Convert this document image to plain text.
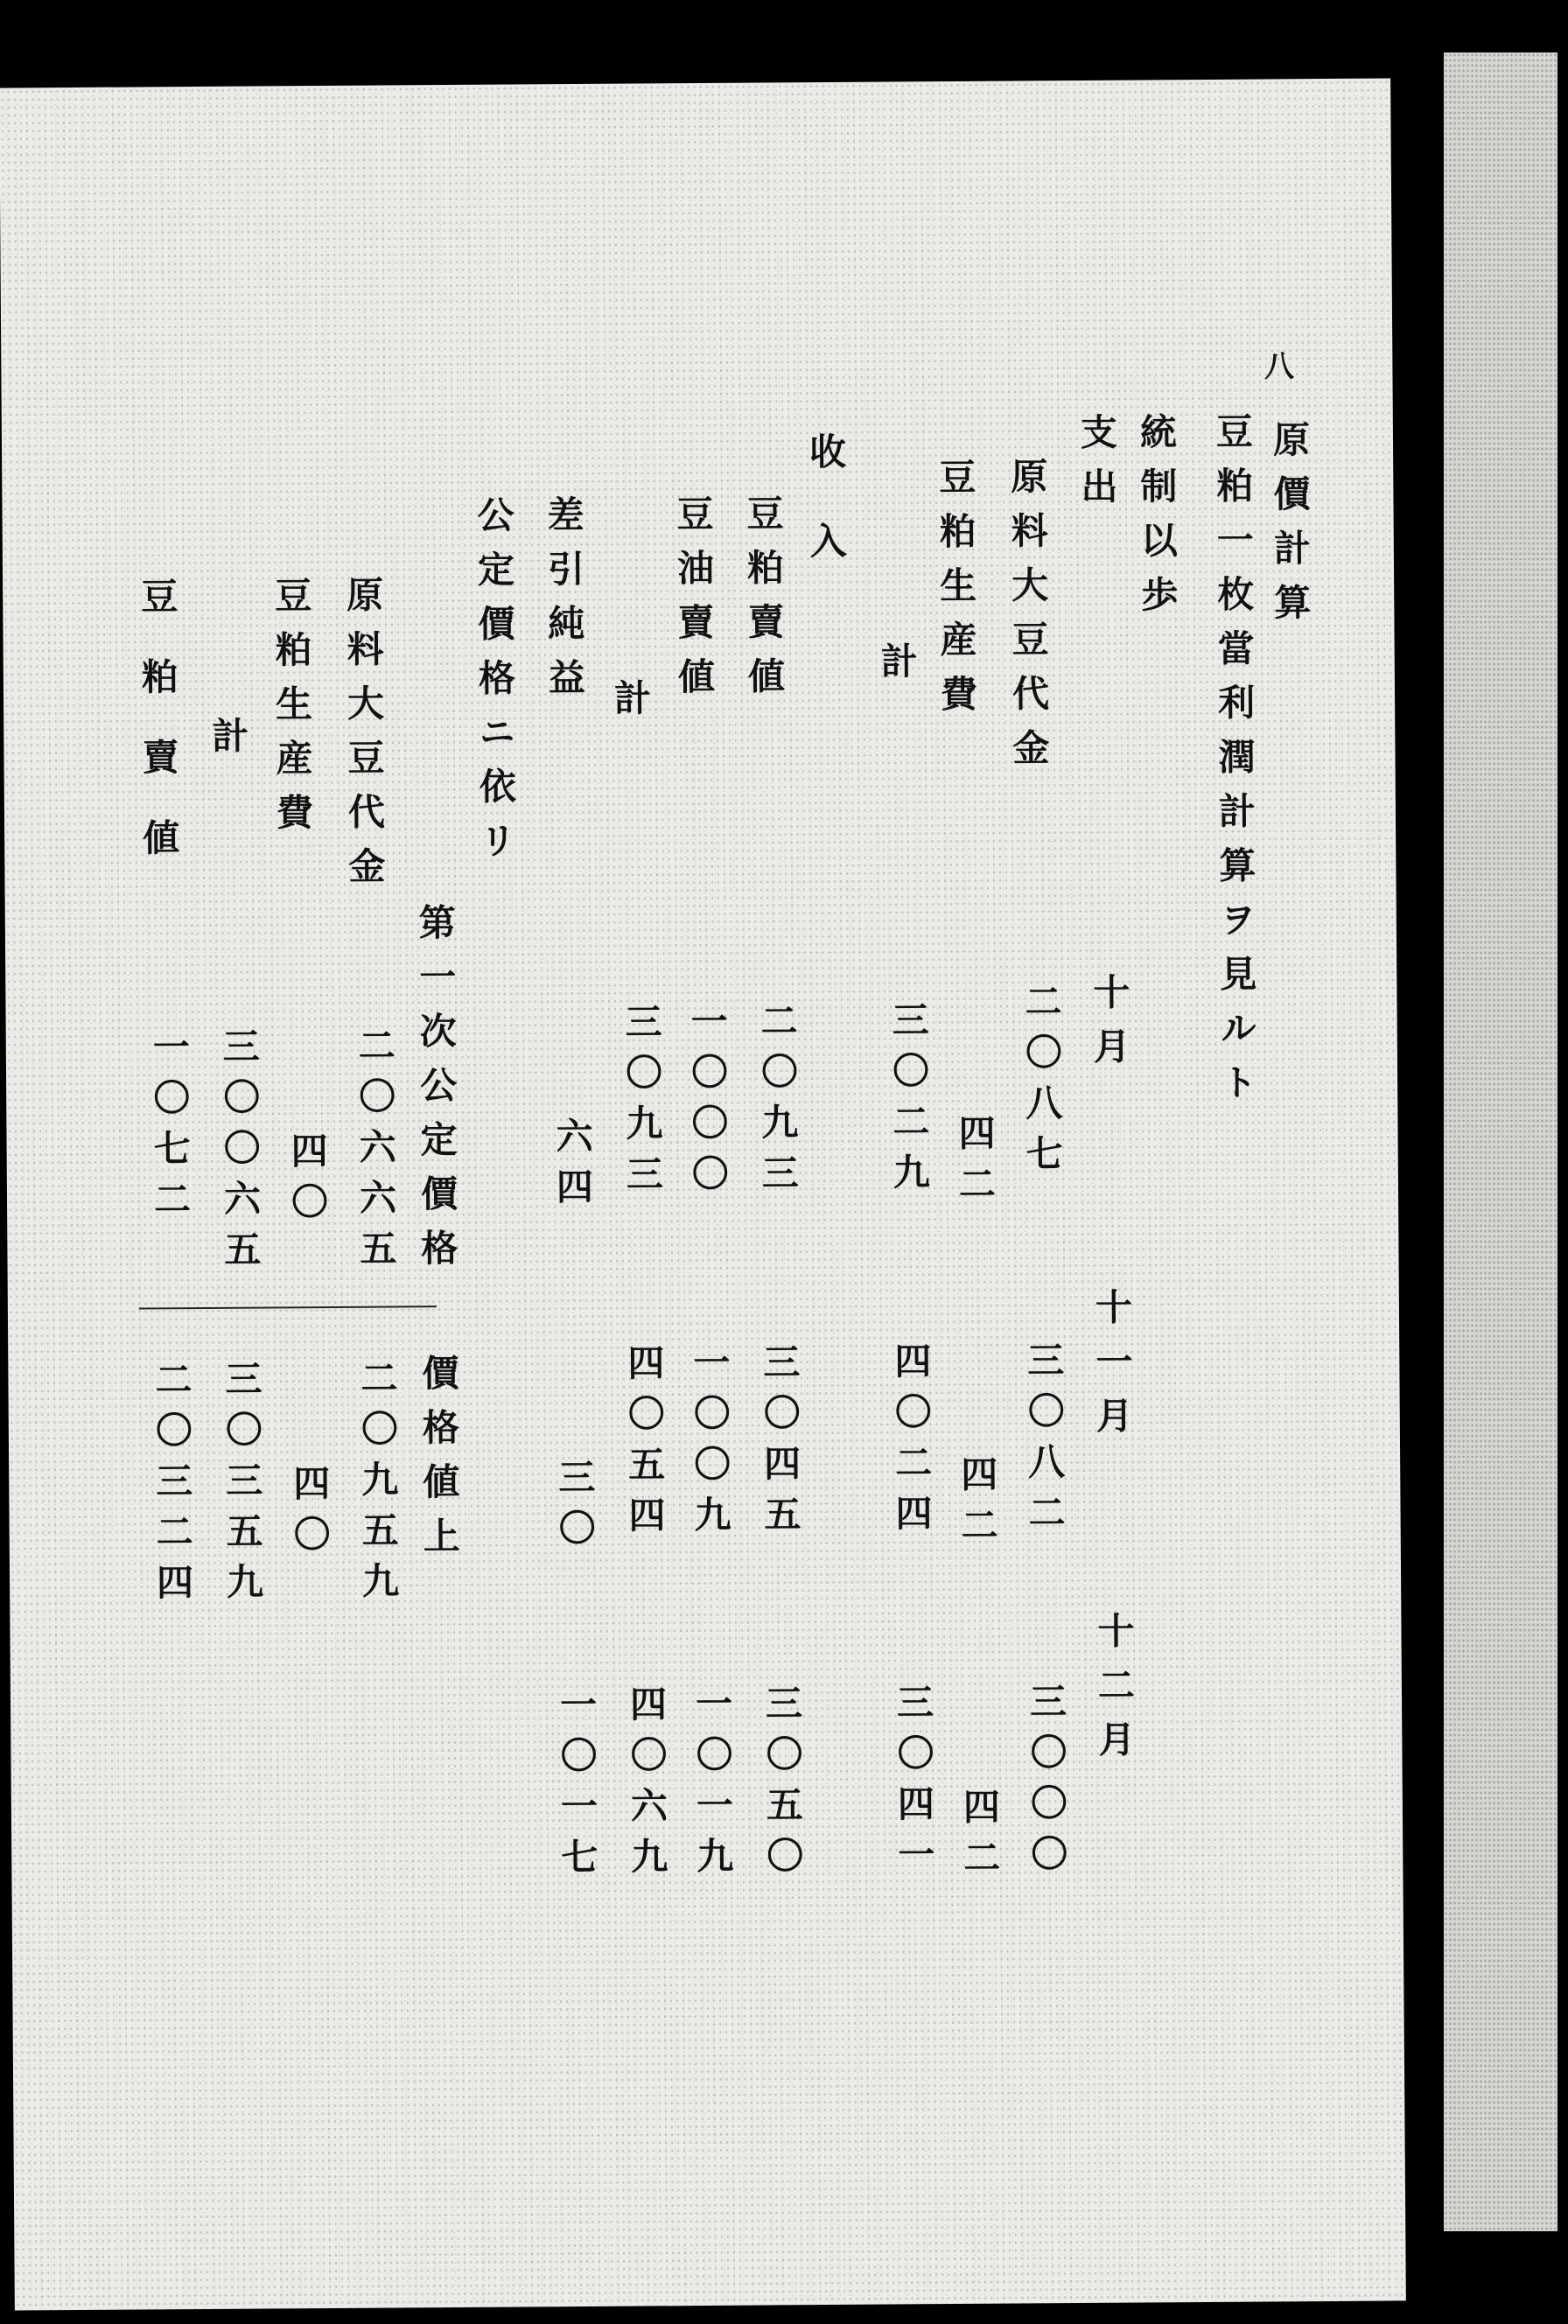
八
原價計算
豆粕一枚當利潤計算ヲ見ルト
統制以歩
十月
十一月
十二月
支出
原料大豆代金
豆粕生産費
計
二〇八七
四二
三〇二九
三〇八二
四二
四〇二四
三〇〇〇
四二
三〇四一
收入
豆粕賣値
豆油賣値
計
二〇九三
一〇〇〇
三〇九三
三〇四五
一〇〇九
四〇五四
三〇五〇
一〇一九
四〇六九
差引純益
六四
三〇
一〇一七
公定價格ニ依リ
第一次公定價格
價格値上
原料大豆代金
豆粕生産費
計
豆粕賣値
二〇六六五
四〇
三〇〇六五
一〇七二
二〇九五九
四〇
三〇三五九
二〇三二四
